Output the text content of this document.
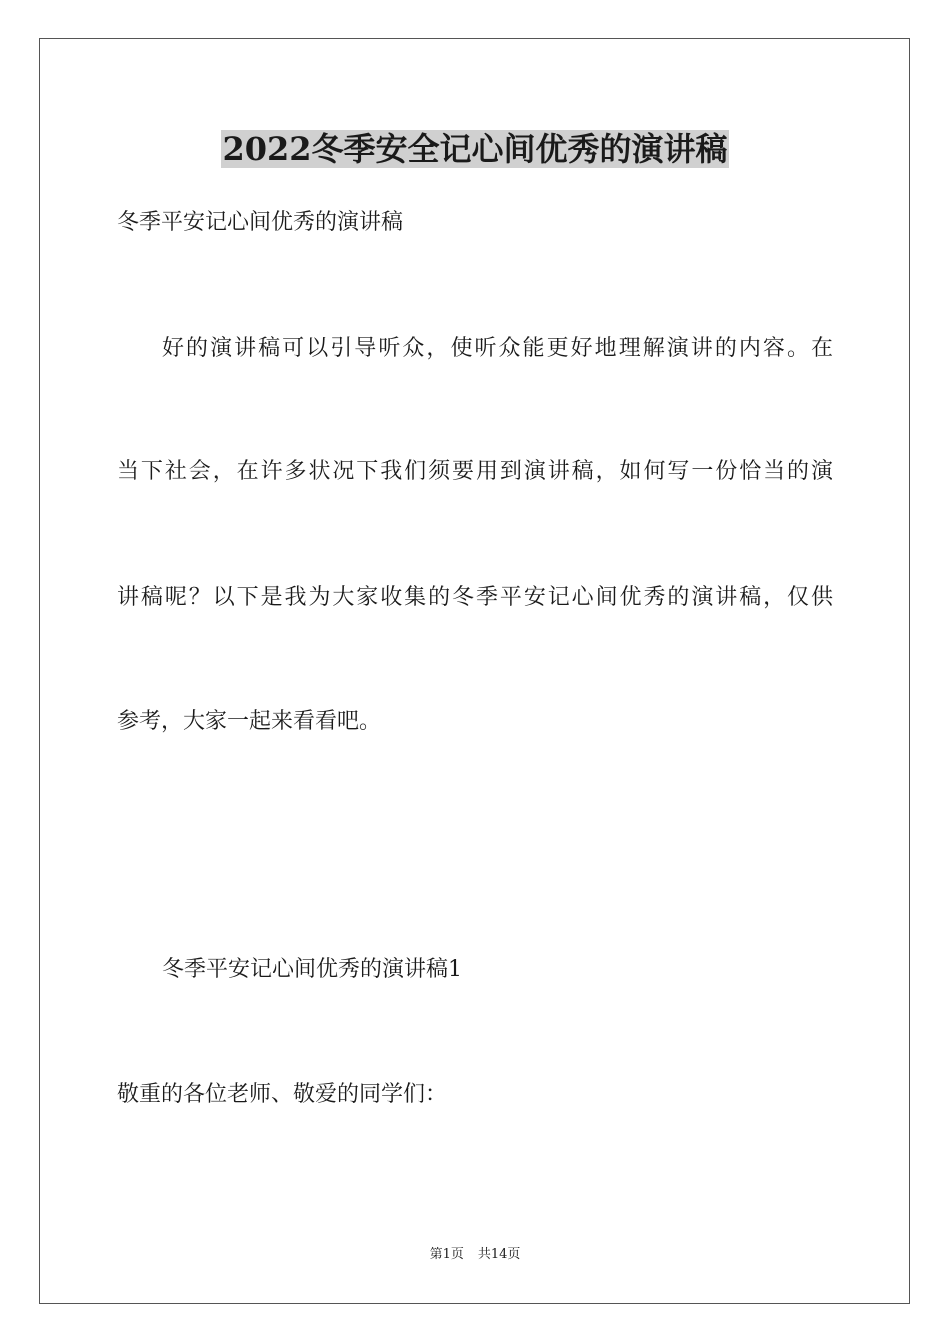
2022冬季安全记心间优秀的演讲稿

冬季平安记心间优秀的演讲稿

好的演讲稿可以引导听众，使听众能更好地理解演讲的内容。在

当下社会，在许多状况下我们须要用到演讲稿，如何写一份恰当的演

讲稿呢？以下是我为大家收集的冬季平安记心间优秀的演讲稿，仅供

参考，大家一起来看看吧。

冬季平安记心间优秀的演讲稿1

敬重的各位老师、敬爱的同学们：

第1页 共14页
